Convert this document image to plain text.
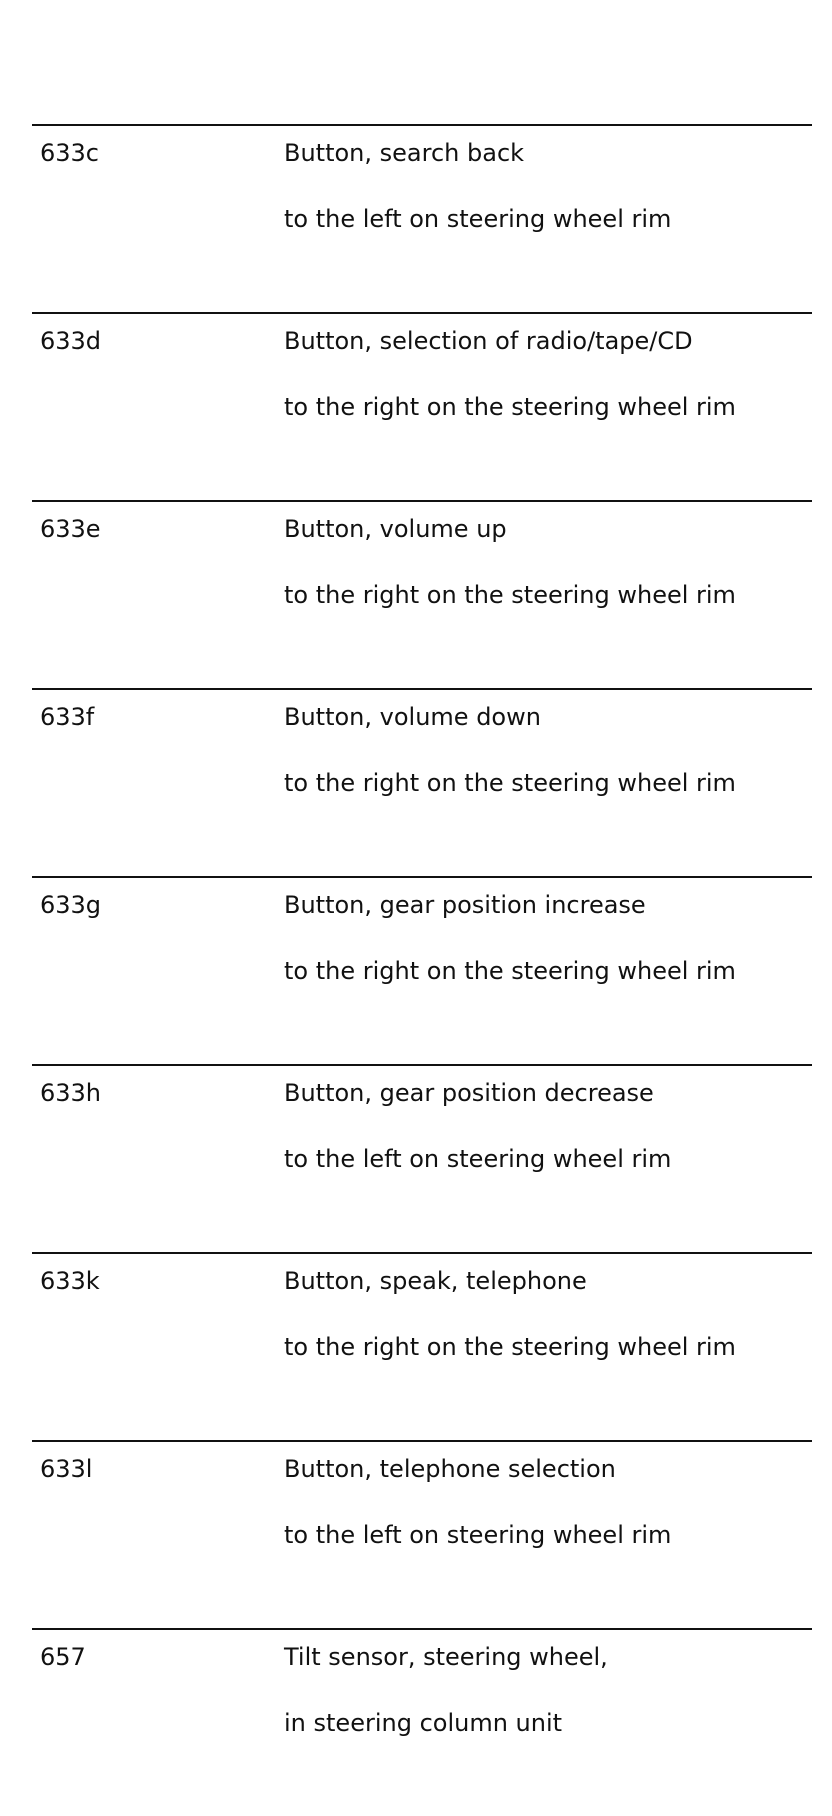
633c	Button, search back
to the left on steering wheel rim
633d	Button, selection of radio/tape/CD
to the right on the steering wheel rim
633e	Button, volume up
to the right on the steering wheel rim
633f	Button, volume down
to the right on the steering wheel rim
633g	Button, gear position increase
to the right on the steering wheel rim
633h	Button, gear position decrease
to the left on steering wheel rim
633k	Button, speak, telephone
to the right on the steering wheel rim
633l	Button, telephone selection
to the left on steering wheel rim
657	Tilt sensor, steering wheel,
in steering column unit
